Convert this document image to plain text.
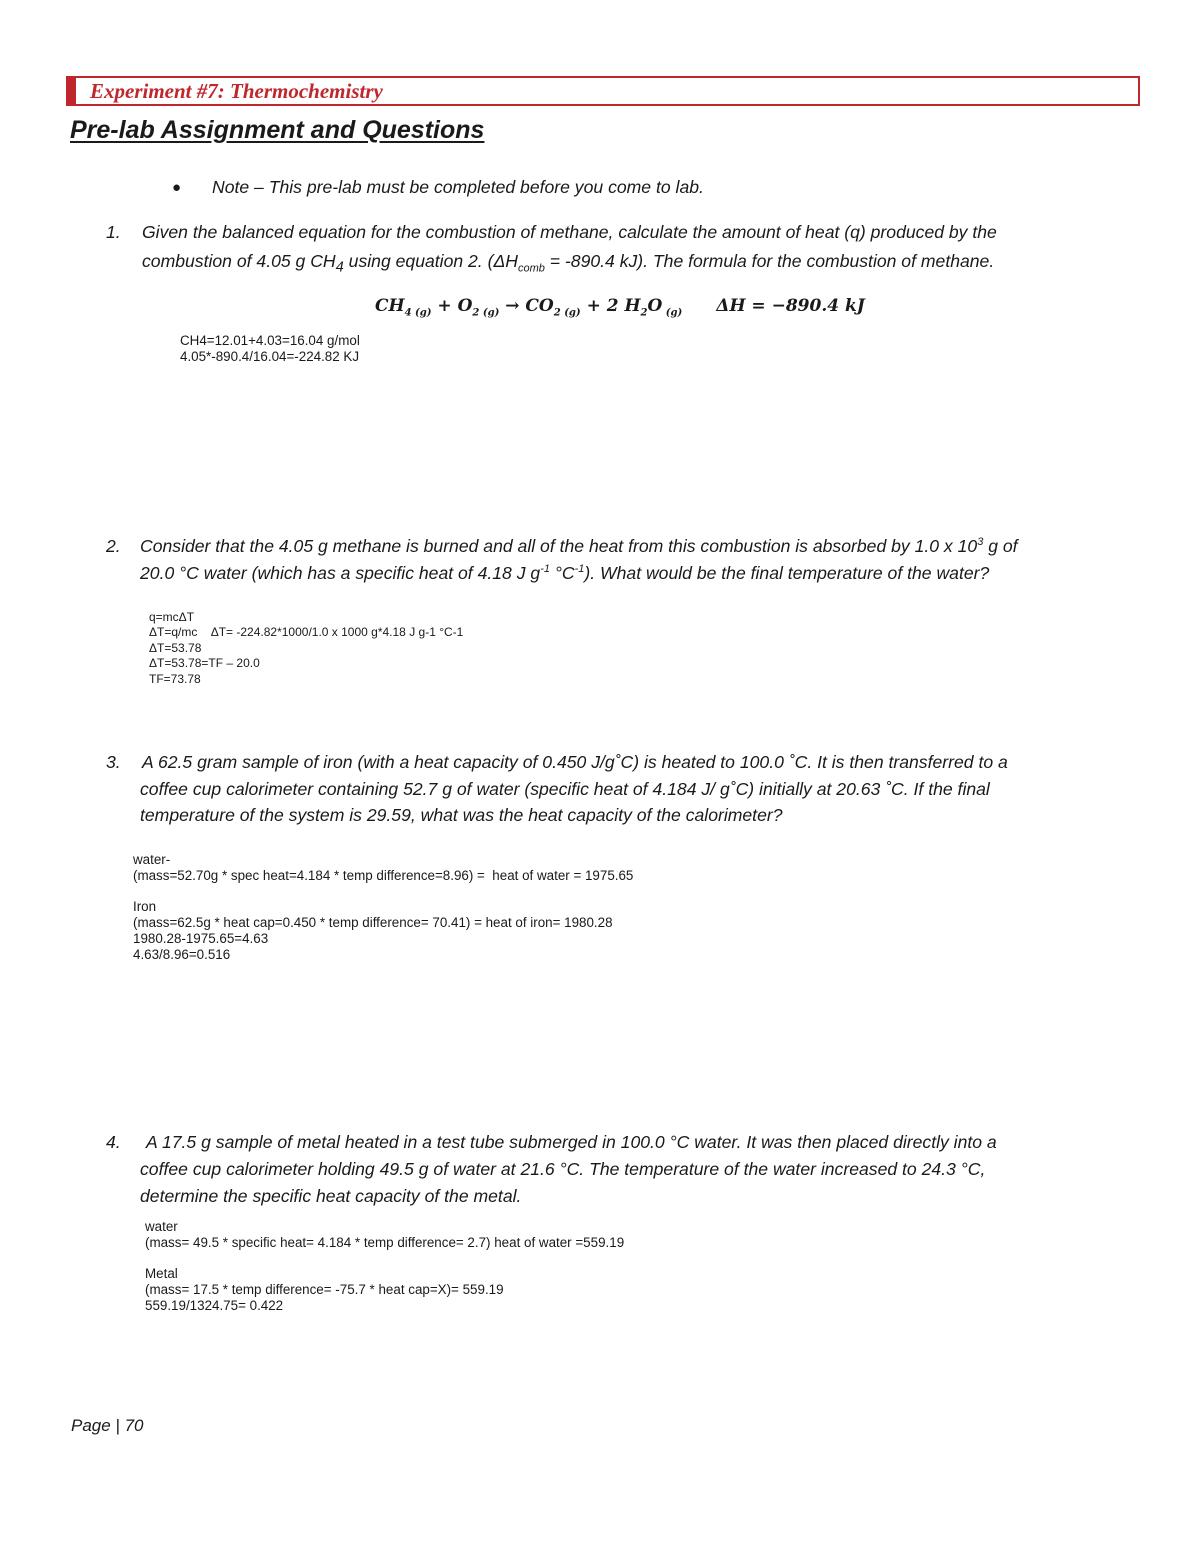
Experiment #7: Thermochemistry
Pre-lab Assignment and Questions
● Note – This pre-lab must be completed before you come to lab.
1. Given the balanced equation for the combustion of methane, calculate the amount of heat (q) produced by the
combustion of 4.05 g $CH_4$ using equation 2. ($\Delta H_{comb} = -890.4$ kJ). The formula for the combustion of methane.
$CH_{4 (g)} + O_{2 (g)} \to CO_{2 (g)} + 2$ $H_2O$ $_{(g)}$ ΔH = −890.4 kJ
CH4=12.01+4.03=16.04 g/mol
4.05*-890.4/16.04=-224.82 KJ
2. Consider that the 4.05 g methane is burned and all of the heat from this combustion is absorbed by 1.0 x $10^3$ g of
20.0 °C water (which has a specific heat of 4.18 J $g^{-1}$ $^\circ C^{-1}$). What would be the final temperature of the water?
q=mcΔT
ΔT=q/mc    ΔT= -224.82*1000/1.0 x 1000 g*4.18 J g-1 °C-1
ΔT=53.78
ΔT=53.78=TF – 20.0
TF=73.78
3. A 62.5 gram sample of iron (with a heat capacity of 0.450 J/g˚C) is heated to 100.0 ˚C. It is then transferred to a
coffee cup calorimeter containing 52.7 g of water (specific heat of 4.184 J/ g˚C) initially at 20.63 ˚C. If the final
temperature of the system is 29.59, what was the heat capacity of the calorimeter?
water-
(mass=52.70g * spec heat=4.184 * temp difference=8.96) =  heat of water = 1975.65
Iron
(mass=62.5g * heat cap=0.450 * temp difference= 70.41) = heat of iron= 1980.28
1980.28-1975.65=4.63
4.63/8.96=0.516
4. A 17.5 g sample of metal heated in a test tube submerged in 100.0 °C water. It was then placed directly into a
coffee cup calorimeter holding 49.5 g of water at 21.6 °C. The temperature of the water increased to 24.3 °C,
determine the specific heat capacity of the metal.
water
(mass= 49.5 * specific heat= 4.184 * temp difference= 2.7) heat of water =559.19
Metal
(mass= 17.5 * temp difference= -75.7 * heat cap=X)= 559.19
559.19/1324.75= 0.422
Page | 70
